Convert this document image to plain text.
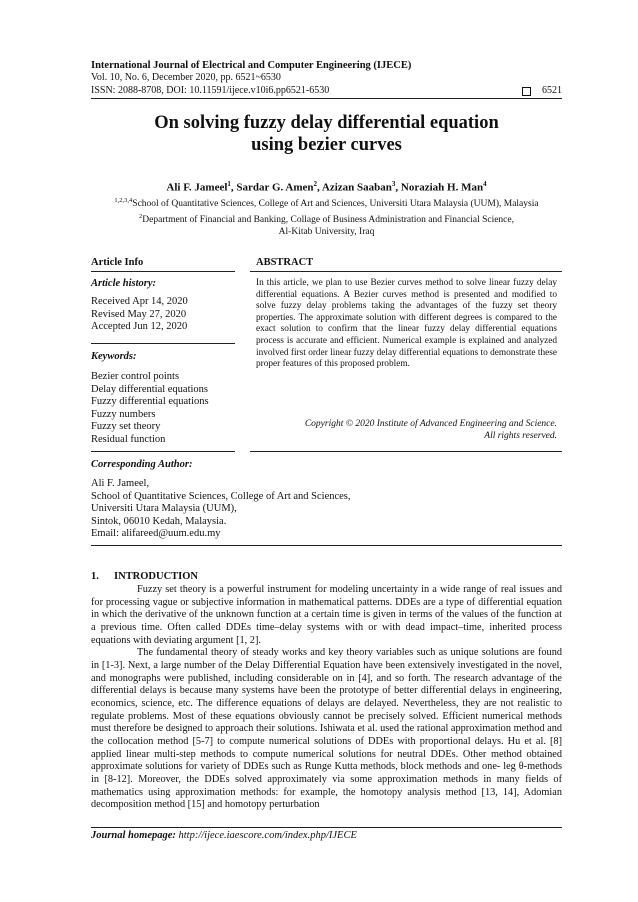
International Journal of Electrical and Computer Engineering (IJECE)
Vol. 10, No. 6, December 2020, pp. 6521~6530
ISSN: 2088-8708, DOI: 10.11591/ijece.v10i6.pp6521-6530	6521
On solving fuzzy delay differential equation
using bezier curves
Ali F. Jameel$^1$, Sardar G. Amen$^2$, Azizan Saaban$^3$, Noraziah H. Man$^4$
$^{1,2,3,4}$School of Quantitative Sciences, College of Art and Sciences, Universiti Utara Malaysia (UUM), Malaysia
$^2$Department of Financial and Banking, Collage of Business Administration and Financial Science,
Al-Kitab University, Iraq
Article Info	ABSTRACT
Article history:
Received Apr 14, 2020
Revised May 27, 2020
Accepted Jun 12, 2020
Keywords:
Bezier control points
Delay differential equations
Fuzzy differential equations
Fuzzy numbers
Fuzzy set theory
Residual function
In this article, we plan to use Bezier curves method to solve linear fuzzy delay differential equations. A Bezier curves method is presented and modified to solve fuzzy delay problems taking the advantages of the fuzzy set theory properties. The approximate solution with different degrees is compared to the exact solution to confirm that the linear fuzzy delay differential equations process is accurate and efficient. Numerical example is explained and analyzed involved first order linear fuzzy delay differential equations to demonstrate these proper features of this proposed problem.
Copyright © 2020 Institute of Advanced Engineering and Science.
All rights reserved.
Corresponding Author:
Ali F. Jameel,
School of Quantitative Sciences, College of Art and Sciences,
Universiti Utara Malaysia (UUM),
Sintok, 06010 Kedah, Malaysia.
Email: alifareed@uum.edu.my
1. INTRODUCTION

Fuzzy set theory is a powerful instrument for modeling uncertainty in a wide range of real issues and for processing vague or subjective information in mathematical patterns. DDEs are a type of differential equation in which the derivative of the unknown function at a certain time is given in terms of the values of the function at a previous time. Often called DDEs time–delay systems with or with dead impact–time, inherited process equations with deviating argument [1, 2].

The fundamental theory of steady works and key theory variables such as unique solutions are found in [1-3]. Next, a large number of the Delay Differential Equation have been extensively investigated in the novel, and monographs were published, including considerable on in [4], and so forth. The research advantage of the differential delays is because many systems have been the prototype of better differential delays in engineering, economics, science, etc. The difference equations of delays are delayed. Nevertheless, they are not realistic to regulate problems. Most of these equations obviously cannot be precisely solved. Efficient numerical methods must therefore be designed to approach their solutions. Ishiwata et al. used the rational approximation method and the collocation method [5-7] to compute numerical solutions of DDEs with proportional delays. Hu et al. [8] applied linear multi-step methods to compute numerical solutions for neutral DDEs. Other method obtained approximate solutions for variety of DDEs such as Runge Kutta methods, block methods and one- leg θ-methods in [8-12]. Moreover, the DDEs solved approximately via some approximation methods in many fields of mathematics using approximation methods: for example, the homotopy analysis method [13, 14], Adomian decomposition method [15] and homotopy perturbation

Journal homepage: http://ijece.iaescore.com/index.php/IJECE
